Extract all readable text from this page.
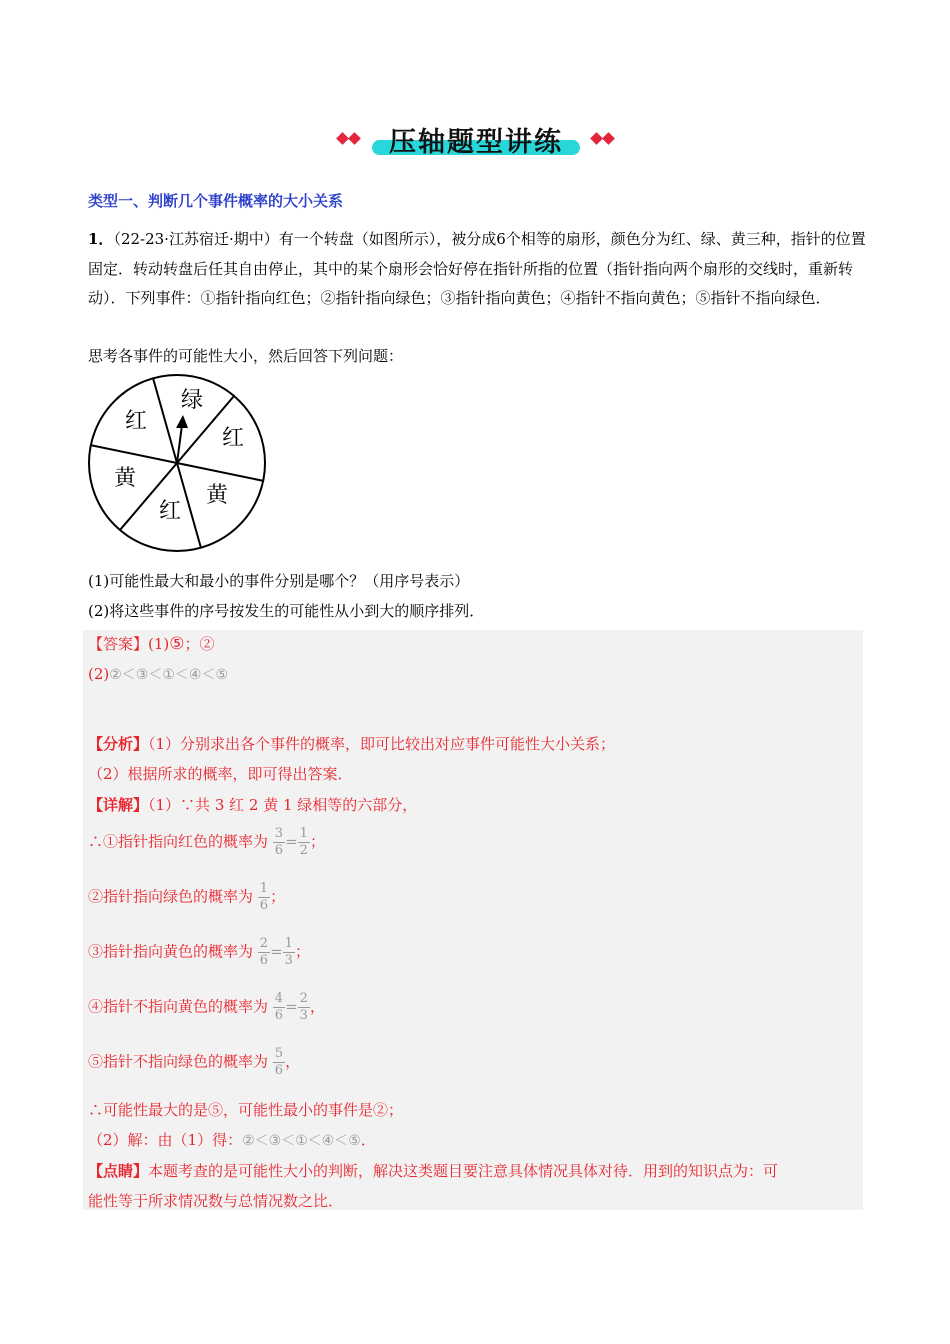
压轴题型讲练
类型一、判断几个事件概率的大小关系
1．（22-23·江苏宿迁·期中）有一个转盘（如图所示），被分成6个相等的扇形，颜色分为红、绿、黄三种，指针的位置固定．转动转盘后任其自由停止，其中的某个扇形会恰好停在指针所指的位置（指针指向两个扇形的交线时，重新转动）．下列事件：①指针指向红色；②指针指向绿色；③指针指向黄色；④指针不指向黄色；⑤指针不指向绿色．
思考各事件的可能性大小，然后回答下列问题：
绿
红
黄
红
黄
红
(1)可能性最大和最小的事件分别是哪个？（用序号表示）
(2)将这些事件的序号按发生的可能性从小到大的顺序排列．
【答案】(1)⑤；②
(2)②＜③＜①＜④＜⑤
【分析】（1）分别求出各个事件的概率，即可比较出对应事件可能性大小关系；
（2）根据所求的概率，即可得出答案．
【详解】（1）∵共 3 红 2 黄 1 绿相等的六部分，
∴①指针指向红色的概率为 $\frac{3}{6} = \frac{1}{2}$ ；
②指针指向绿色的概率为 $\frac{1}{6}$ ；
③指针指向黄色的概率为 $\frac{2}{6} = \frac{1}{3}$ ；
④指针不指向黄色的概率为 $\frac{4}{6} = \frac{2}{3}$ ，
⑤指针不指向绿色的概率为 $\frac{5}{6}$ ，
∴可能性最大的是⑤，可能性最小的事件是②；
（2）解：由（1）得：②＜③＜①＜④＜⑤．
【点睛】本题考查的是可能性大小的判断，解决这类题目要注意具体情况具体对待．用到的知识点为：可
能性等于所求情况数与总情况数之比．
